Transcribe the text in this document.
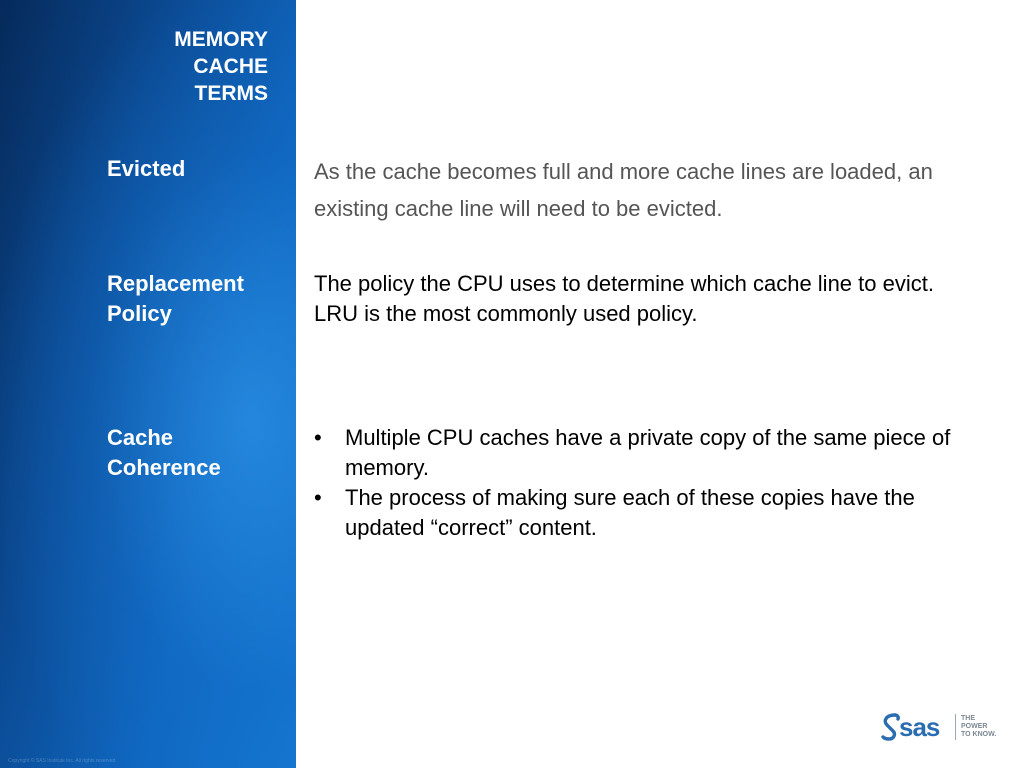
MEMORY
CACHE
TERMS
Evicted
Replacement
Policy
Cache
Coherence
Copyright © SAS Institute Inc. All rights reserved.

As the cache becomes full and more cache lines are loaded, an existing cache line will need to be evicted.

The policy the CPU uses to determine which cache line to evict. LRU is the most commonly used policy.

• Multiple CPU caches have a private copy of the same piece of memory.
• The process of making sure each of these copies have the updated “correct” content.
sas	THE
POWER
TO KNOW.
